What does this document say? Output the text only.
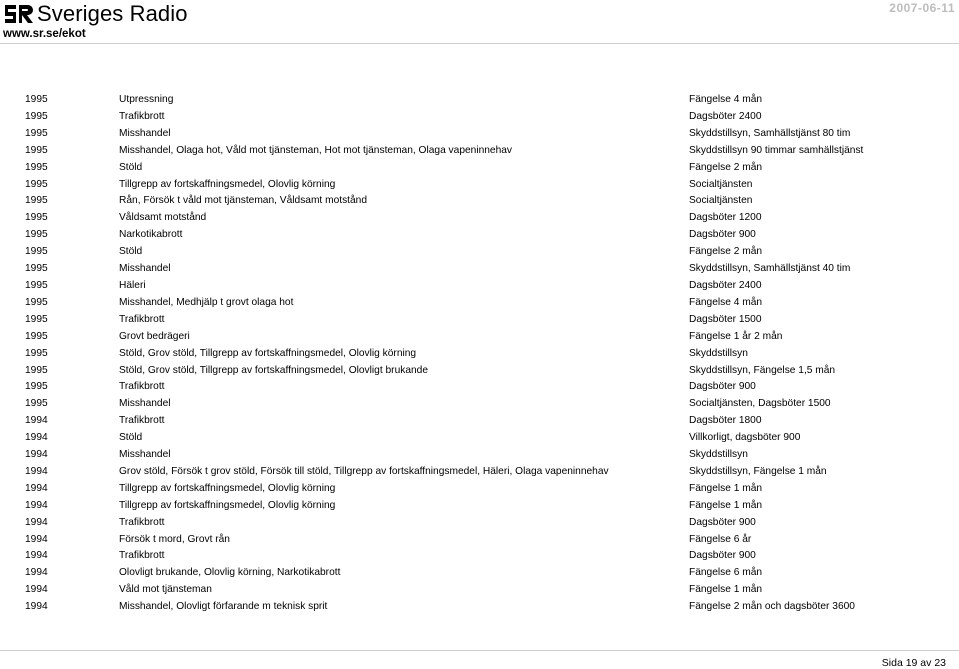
Sveriges Radio
www.sr.se/ekot
2007-06-11
1995	Utpressning	Fängelse 4 mån
1995	Trafikbrott	Dagsböter 2400
1995	Misshandel	Skyddstillsyn, Samhällstjänst 80 tim
1995	Misshandel, Olaga hot, Våld mot tjänsteman, Hot mot tjänsteman, Olaga vapeninnehav	Skyddstillsyn 90 timmar samhällstjänst
1995	Stöld	Fängelse 2 mån
1995	Tillgrepp av fortskaffningsmedel, Olovlig körning	Socialtjänsten
1995	Rån, Försök t våld mot tjänsteman, Våldsamt motstånd	Socialtjänsten
1995	Våldsamt motstånd	Dagsböter 1200
1995	Narkotikabrott	Dagsböter 900
1995	Stöld	Fängelse 2 mån
1995	Misshandel	Skyddstillsyn, Samhällstjänst 40 tim
1995	Häleri	Dagsböter 2400
1995	Misshandel, Medhjälp t grovt olaga hot	Fängelse 4 mån
1995	Trafikbrott	Dagsböter 1500
1995	Grovt bedrägeri	Fängelse 1 år 2 mån
1995	Stöld, Grov stöld, Tillgrepp av fortskaffningsmedel, Olovlig körning	Skyddstillsyn
1995	Stöld, Grov stöld, Tillgrepp av fortskaffningsmedel, Olovligt brukande	Skyddstillsyn, Fängelse 1,5 mån
1995	Trafikbrott	Dagsböter 900
1995	Misshandel	Socialtjänsten, Dagsböter 1500
1994	Trafikbrott	Dagsböter 1800
1994	Stöld	Villkorligt, dagsböter 900
1994	Misshandel	Skyddstillsyn
1994	Grov stöld, Försök t grov stöld, Försök till stöld, Tillgrepp av fortskaffningsmedel, Häleri, Olaga vapeninnehav	Skyddstillsyn, Fängelse 1 mån
1994	Tillgrepp av fortskaffningsmedel, Olovlig körning	Fängelse 1 mån
1994	Tillgrepp av fortskaffningsmedel, Olovlig körning	Fängelse 1 mån
1994	Trafikbrott	Dagsböter 900
1994	Försök t mord, Grovt rån	Fängelse 6 år
1994	Trafikbrott	Dagsböter 900
1994	Olovligt brukande, Olovlig körning, Narkotikabrott	Fängelse 6 mån
1994	Våld mot tjänsteman	Fängelse 1 mån
1994	Misshandel, Olovligt förfarande m teknisk sprit	Fängelse 2 mån och dagsböter 3600
Sida 19 av 23
